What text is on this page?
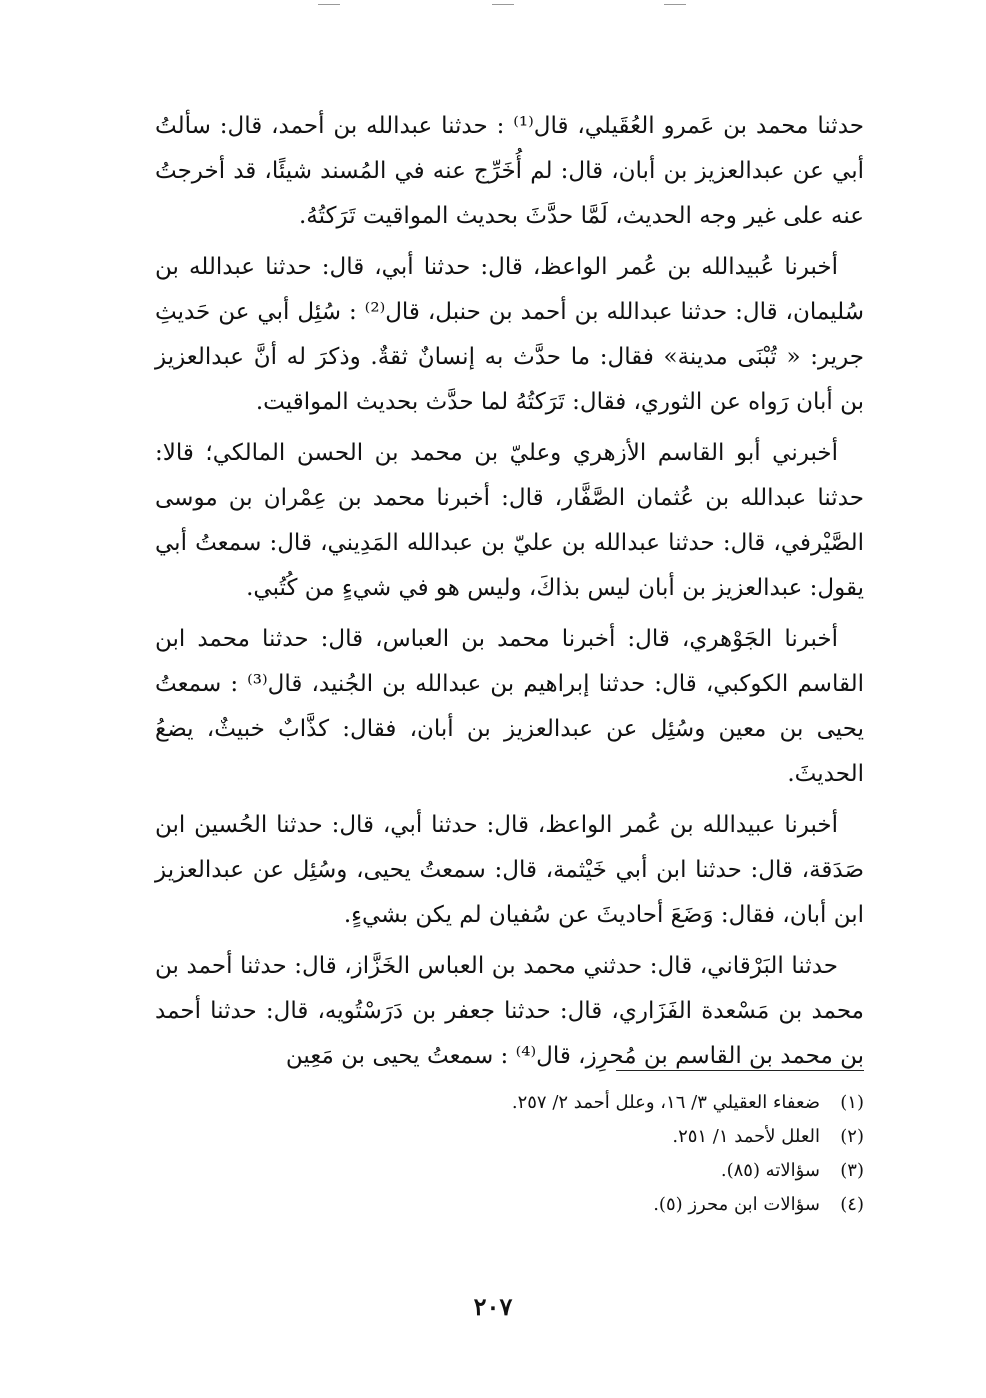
حدثنا محمد بن عَمرو العُقَيلي، قال⁽¹⁾ : حدثنا عبدالله بن أحمد، قال: سألتُ أبي عن عبدالعزيز بن أبان، قال: لم أُخَرِّج عنه في المُسند شيئًا، قد أخرجتُ عنه على غير وجه الحديث، لَمَّا حدَّثَ بحديث المواقيت تَرَكتُهُ.

أخبرنا عُبيدالله بن عُمر الواعظ، قال: حدثنا أبي، قال: حدثنا عبدالله بن سُليمان، قال: حدثنا عبدالله بن أحمد بن حنبل، قال⁽²⁾ : سُئِل أبي عن حَديثِ جرير: « تُبْنَى مدينة» فقال: ما حدَّث به إنسانٌ ثقةٌ. وذكرَ له أنَّ عبدالعزيز بن أبان رَواه عن الثوري، فقال: تَرَكتُهُ لما حدَّث بحديث المواقيت.

أخبرني أبو القاسم الأزهري وعليّ بن محمد بن الحسن المالكي؛ قالا: حدثنا عبدالله بن عُثمان الصَّفَّار، قال: أخبرنا محمد بن عِمْران بن موسى الصَّيْرفي، قال: حدثنا عبدالله بن عليّ بن عبدالله المَدِيني، قال: سمعتُ أبي يقول: عبدالعزيز بن أبان ليس بذاكَ، وليس هو في شيءٍ من كُتُبي.

أخبرنا الجَوْهري، قال: أخبرنا محمد بن العباس، قال: حدثنا محمد ابن القاسم الكوكبي، قال: حدثنا إبراهيم بن عبدالله بن الجُنيد، قال⁽³⁾ : سمعتُ يحيى بن معين وسُئِل عن عبدالعزيز بن أبان، فقال: كذَّابٌ خبيثٌ، يضعُ الحديثَ.

أخبرنا عبيدالله بن عُمر الواعظ، قال: حدثنا أبي، قال: حدثنا الحُسين ابن صَدَقة، قال: حدثنا ابن أبي خَيْثمة، قال: سمعتُ يحيى، وسُئِل عن عبدالعزيز ابن أبان، فقال: وَضَعَ أحاديثَ عن سُفيان لم يكن بشيءٍ.

حدثنا البَرْقاني، قال: حدثني محمد بن العباس الخَزَّاز، قال: حدثنا أحمد بن محمد بن مَسْعدة الفَزَاري، قال: حدثنا جعفر بن دَرَسْتُويه، قال: حدثنا أحمد بن محمد بن القاسم بن مُحرِز، قال⁽⁴⁾ : سمعتُ يحيى بن مَعِين

(١)
ضعفاء العقيلي ٣/ ١٦، وعلل أحمد ٢/ ٢٥٧.
(٢)
العلل لأحمد ١/ ٢٥١.
(٣)
سؤالاته (٨٥).
(٤)
سؤالات ابن محرز (٥).
٢٠٧
